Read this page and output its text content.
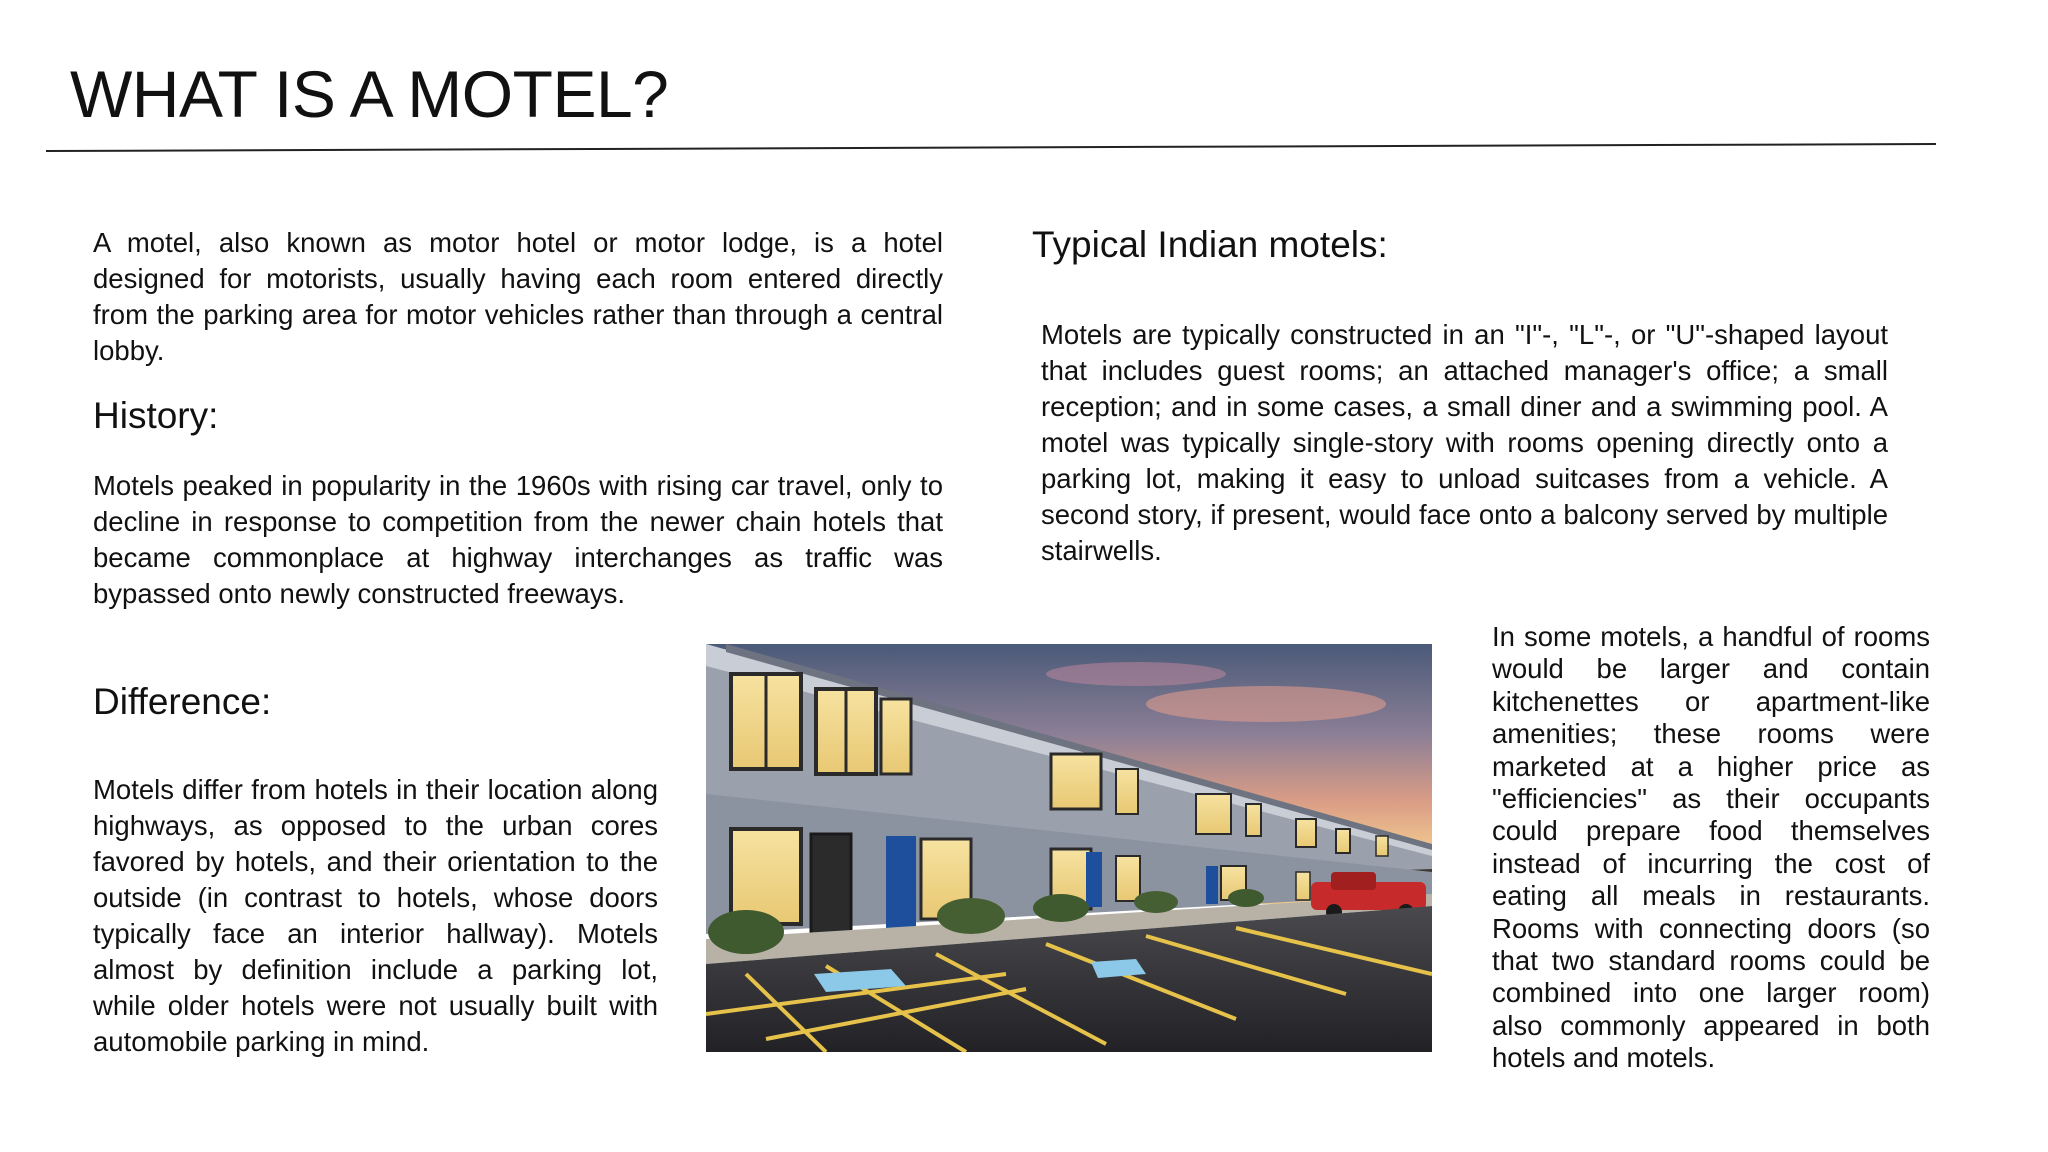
WHAT IS A MOTEL?

A motel, also known as motor hotel or motor lodge, is a hotel designed for motorists, usually having each room entered directly from the parking area for motor vehicles rather than through a central lobby.

History:

Motels peaked in popularity in the 1960s with rising car travel, only to decline in response to competition from the newer chain hotels that became commonplace at highway interchanges as traffic was bypassed onto newly constructed freeways.

Difference:

Motels differ from hotels in their location along highways, as opposed to the urban cores favored by hotels, and their orientation to the outside (in contrast to hotels, whose doors typically face an interior hallway). Motels almost by definition include a parking lot, while older hotels were not usually built with automobile parking in mind.

Typical Indian motels:

Motels are typically constructed in an "I"-, "L"-, or "U"-shaped layout that includes guest rooms; an attached manager's office; a small reception; and in some cases, a small diner and a swimming pool. A motel was typically single-story with rooms opening directly onto a parking lot, making it easy to unload suitcases from a vehicle. A second story, if present, would face onto a balcony served by multiple stairwells.

In some motels, a handful of rooms would be larger and contain kitchenettes or apartment-like amenities; these rooms were marketed at a higher price as "efficiencies" as their occupants could prepare food themselves instead of incurring the cost of eating all meals in restaurants. Rooms with connecting doors (so that two standard rooms could be combined into one larger room) also commonly appeared in both hotels and motels.
